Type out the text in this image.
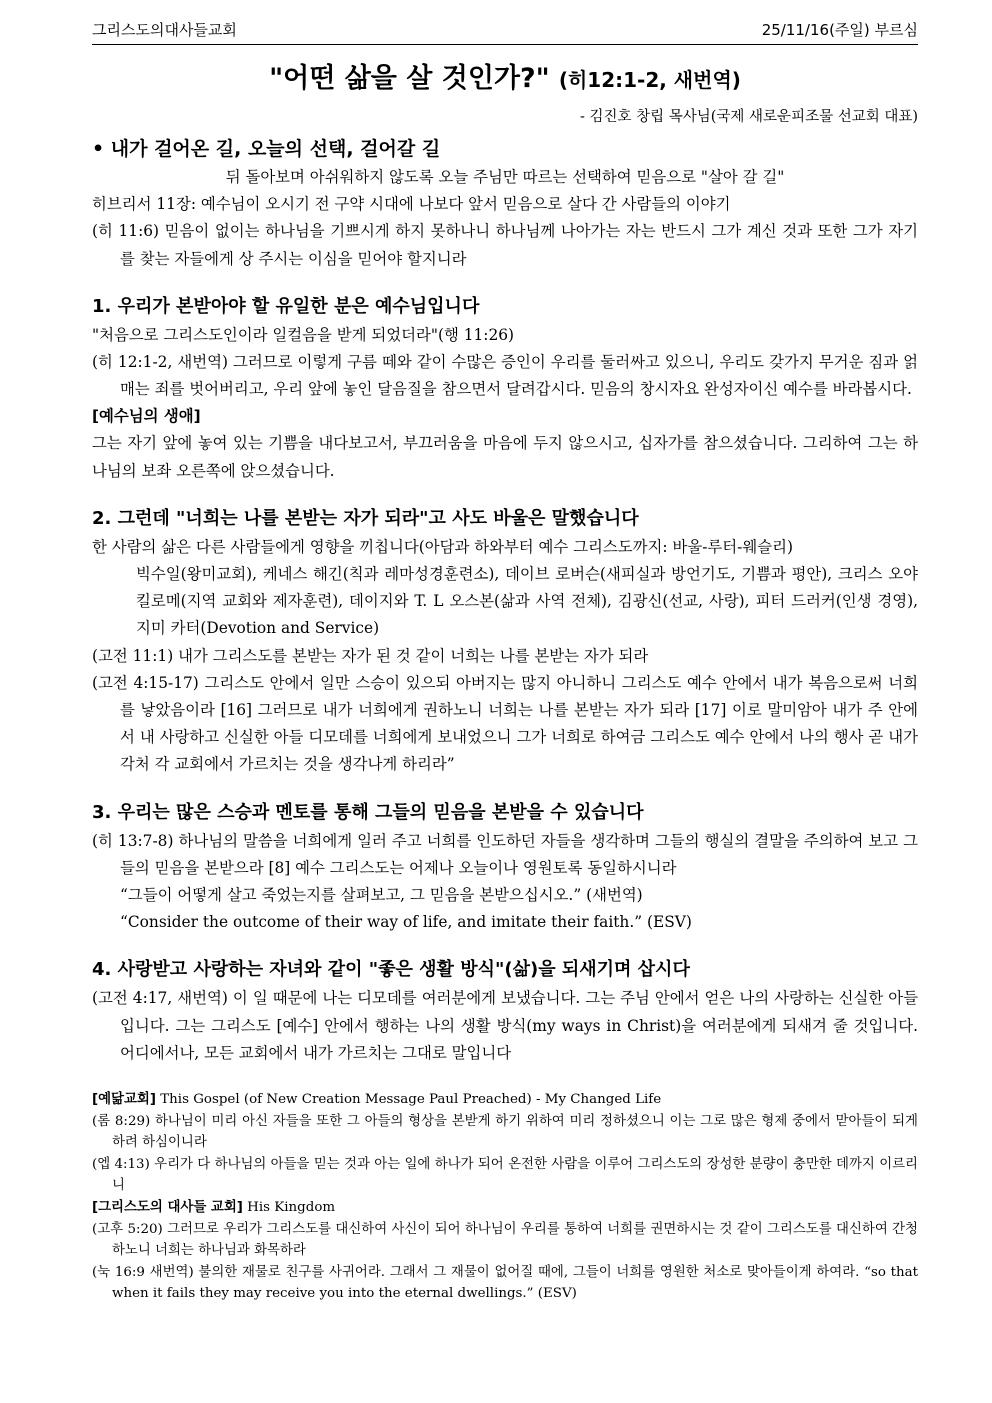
그리스도의대사들교회	25/11/16(주일) 부르심
"어떤 삶을 살 것인가?" (히12:1-2, 새번역)
- 김진호 창립 목사님(국제 새로운피조물 선교회 대표)
• 내가 걸어온 길, 오늘의 선택, 걸어갈 길
뒤 돌아보며 아쉬워하지 않도록 오늘 주님만 따르는 선택하여 믿음으로 "살아 갈 길"
히브리서 11장: 예수님이 오시기 전 구약 시대에 나보다 앞서 믿음으로 살다 간 사람들의 이야기
(히 11:6) 믿음이 없이는 하나님을 기쁘시게 하지 못하나니 하나님께 나아가는 자는 반드시 그가 계신 것과 또한 그가 자기를 찾는 자들에게 상 주시는 이심을 믿어야 할지니라
1. 우리가 본받아야 할 유일한 분은 예수님입니다
"처음으로 그리스도인이라 일컬음을 받게 되었더라"(행 11:26)
(히 12:1-2, 새번역) 그러므로 이렇게 구름 떼와 같이 수많은 증인이 우리를 둘러싸고 있으니, 우리도 갖가지 무거운 짐과 얽매는 죄를 벗어버리고, 우리 앞에 놓인 달음질을 참으면서 달려갑시다. 믿음의 창시자요 완성자이신 예수를 바라봅시다.
[예수님의 생애]
그는 자기 앞에 놓여 있는 기쁨을 내다보고서, 부끄러움을 마음에 두지 않으시고, 십자가를 참으셨습니다. 그리하여 그는 하나님의 보좌 오른쪽에 앉으셨습니다.
2. 그런데 "너희는 나를 본받는 자가 되라"고 사도 바울은 말했습니다
한 사람의 삶은 다른 사람들에게 영향을 끼칩니다(아담과 하와부터 예수 그리스도까지: 바울-루터-웨슬리)
빅수일(왕미교회), 케네스 해긴(칙과 레마성경훈련소), 데이브 로버슨(새피실과 방언기도, 기쁨과 평안), 크리스 오야킬로메(지역 교회와 제자훈련), 데이지와 T. L 오스본(삶과 사역 전체), 김광신(선교, 사랑), 피터 드러커(인생 경영), 지미 카터(Devotion and Service)
(고전 11:1) 내가 그리스도를 본받는 자가 된 것 같이 너희는 나를 본받는 자가 되라
(고전 4:15-17) 그리스도 안에서 일만 스승이 있으되 아버지는 많지 아니하니 그리스도 예수 안에서 내가 복음으로써 너희를 낳았음이라 [16] 그러므로 내가 너희에게 권하노니 너희는 나를 본받는 자가 되라 [17] 이로 말미암아 내가 주 안에서 내 사랑하고 신실한 아들 디모데를 너희에게 보내었으니 그가 너희로 하여금 그리스도 예수 안에서 나의 행사 곧 내가 각처 각 교회에서 가르치는 것을 생각나게 하리라”
3. 우리는 많은 스승과 멘토를 통해 그들의 믿음을 본받을 수 있습니다
(히 13:7-8) 하나님의 말씀을 너희에게 일러 주고 너희를 인도하던 자들을 생각하며 그들의 행실의 결말을 주의하여 보고 그들의 믿음을 본받으라 [8] 예수 그리스도는 어제나 오늘이나 영원토록 동일하시니라
“그들이 어떻게 살고 죽었는지를 살펴보고, 그 믿음을 본받으십시오.” (새번역)
“Consider the outcome of their way of life, and imitate their faith.” (ESV)
4. 사랑받고 사랑하는 자녀와 같이 "좋은 생활 방식"(삶)을 되새기며 삽시다
(고전 4:17, 새번역) 이 일 때문에 나는 디모데를 여러분에게 보냈습니다. 그는 주님 안에서 얻은 나의 사랑하는 신실한 아들입니다. 그는 그리스도 [예수] 안에서 행하는 나의 생활 방식(my ways in Christ)을 여러분에게 되새겨 줄 것입니다. 어디에서나, 모든 교회에서 내가 가르치는 그대로 말입니다
[예닮교회] This Gospel (of New Creation Message Paul Preached) - My Changed Life
(롬 8:29) 하나님이 미리 아신 자들을 또한 그 아들의 형상을 본받게 하기 위하여 미리 정하셨으니 이는 그로 많은 형제 중에서 맏아들이 되게 하려 하심이니라
(엡 4:13) 우리가 다 하나님의 아들을 믿는 것과 아는 일에 하나가 되어 온전한 사람을 이루어 그리스도의 장성한 분량이 충만한 데까지 이르리니
[그리스도의 대사들 교회] His Kingdom
(고후 5:20) 그러므로 우리가 그리스도를 대신하여 사신이 되어 하나님이 우리를 통하여 너희를 권면하시는 것 같이 그리스도를 대신하여 간청하노니 너희는 하나님과 화목하라
(눅 16:9 새번역) 불의한 재물로 친구를 사귀어라. 그래서 그 재물이 없어질 때에, 그들이 너희를 영원한 처소로 맞아들이게 하여라. “so that when it fails they may receive you into the eternal dwellings.” (ESV)
